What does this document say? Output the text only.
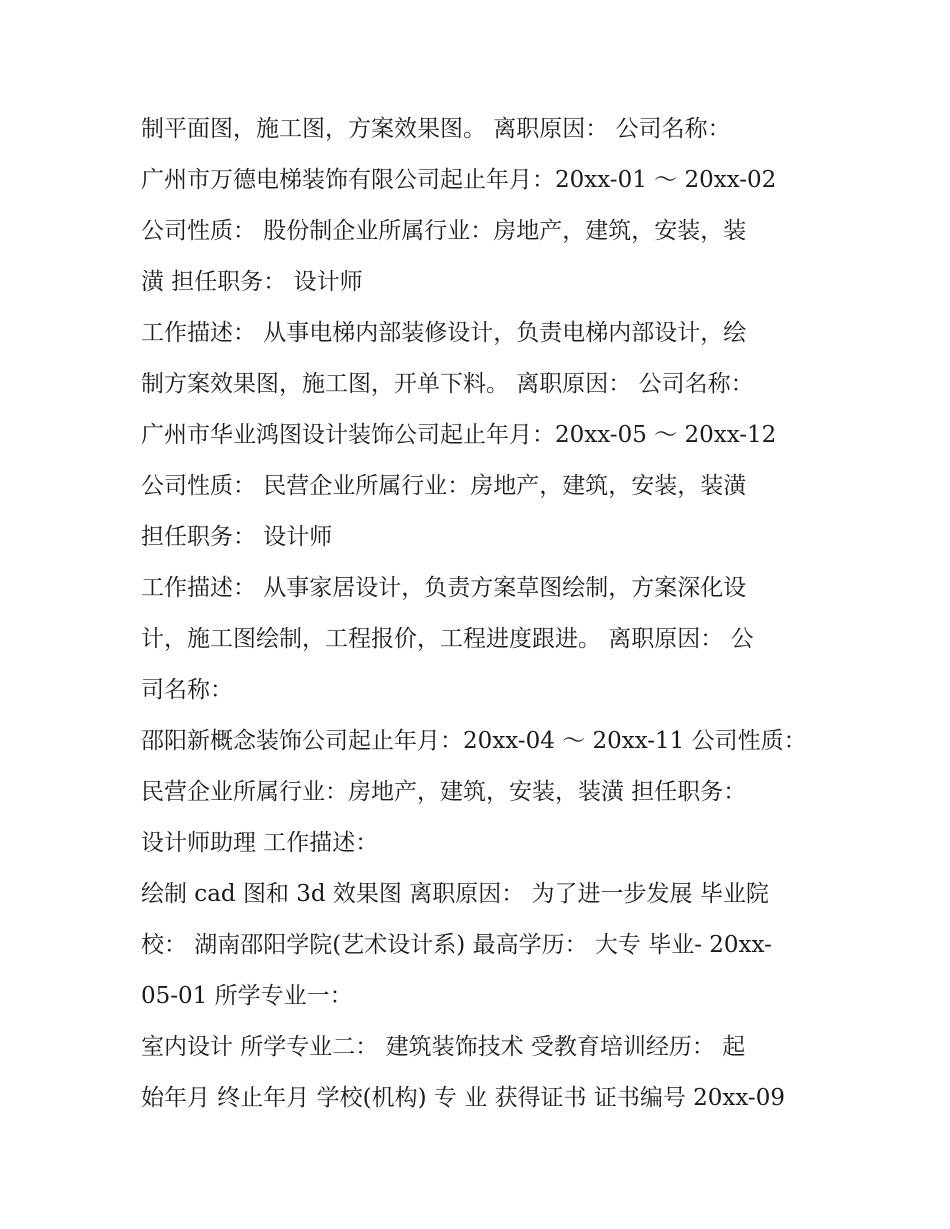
制平面图，施工图，方案效果图。 离职原因： 公司名称：
广州市万德电梯装饰有限公司起止年月：20xx-01 ～ 20xx-02
公司性质： 股份制企业所属行业：房地产，建筑，安装，装
潢 担任职务： 设计师
工作描述： 从事电梯内部装修设计，负责电梯内部设计，绘
制方案效果图，施工图，开单下料。 离职原因： 公司名称：
广州市华业鸿图设计装饰公司起止年月：20xx-05 ～ 20xx-12
公司性质： 民营企业所属行业：房地产，建筑，安装，装潢
担任职务： 设计师
工作描述： 从事家居设计，负责方案草图绘制，方案深化设
计，施工图绘制，工程报价，工程进度跟进。 离职原因： 公
司名称：
邵阳新概念装饰公司起止年月：20xx-04 ～ 20xx-11 公司性质：
民营企业所属行业：房地产，建筑，安装，装潢 担任职务：
设计师助理 工作描述：
绘制 cad 图和 3d 效果图 离职原因： 为了进一步发展 毕业院
校： 湖南邵阳学院(艺术设计系) 最高学历： 大专 毕业- 20xx-
05-01 所学专业一：
室内设计 所学专业二： 建筑装饰技术 受教育培训经历： 起
始年月 终止年月 学校(机构) 专 业 获得证书 证书编号 20xx-09
